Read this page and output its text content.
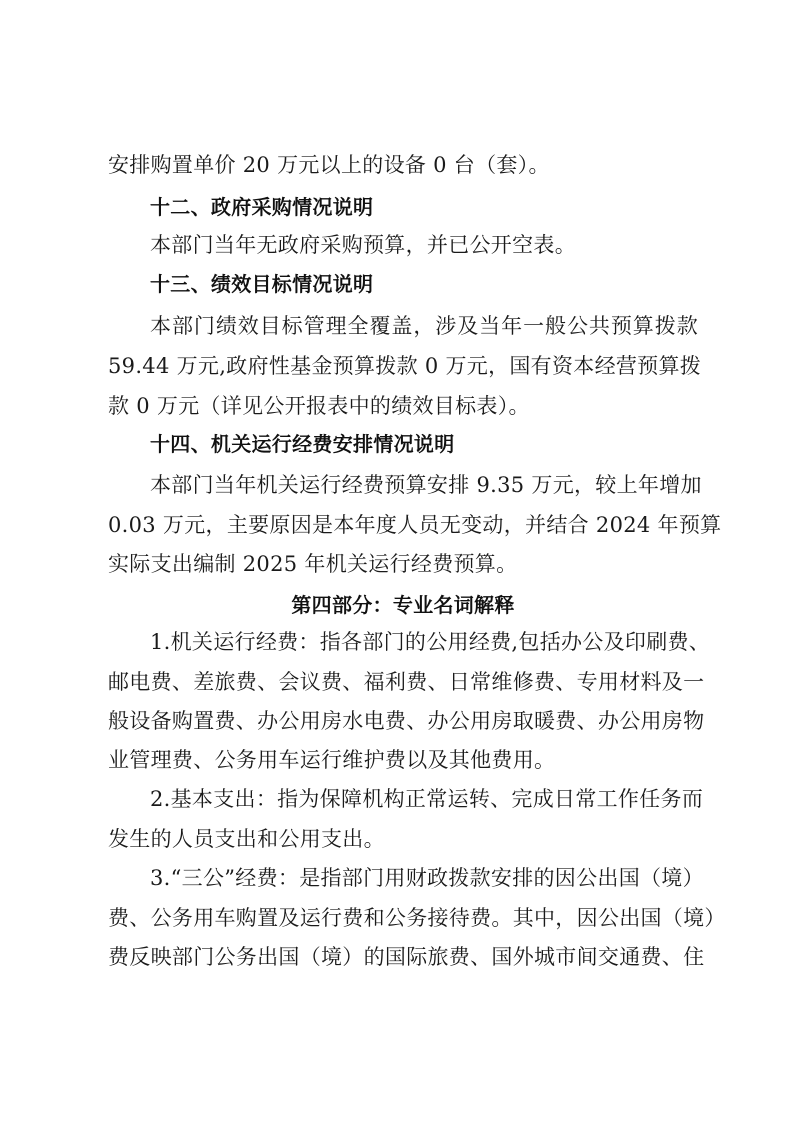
安排购置单价 20 万元以上的设备 0 台（套）。
十二、政府采购情况说明
本部门当年无政府采购预算，并已公开空表。
十三、绩效目标情况说明
本部门绩效目标管理全覆盖，涉及当年一般公共预算拨款
59.44 万元,政府性基金预算拨款 0 万元，国有资本经营预算拨
款 0 万元（详见公开报表中的绩效目标表）。
十四、机关运行经费安排情况说明
本部门当年机关运行经费预算安排 9.35 万元，较上年增加
0.03 万元，主要原因是本年度人员无变动，并结合 2024 年预算
实际支出编制 2025 年机关运行经费预算。
第四部分：专业名词解释
1.机关运行经费：指各部门的公用经费,包括办公及印刷费、
邮电费、差旅费、会议费、福利费、日常维修费、专用材料及一
般设备购置费、办公用房水电费、办公用房取暖费、办公用房物
业管理费、公务用车运行维护费以及其他费用。
2.基本支出：指为保障机构正常运转、完成日常工作任务而
发生的人员支出和公用支出。
3.“三公”经费：是指部门用财政拨款安排的因公出国（境）
费、公务用车购置及运行费和公务接待费。其中，因公出国（境）
费反映部门公务出国（境）的国际旅费、国外城市间交通费、住
